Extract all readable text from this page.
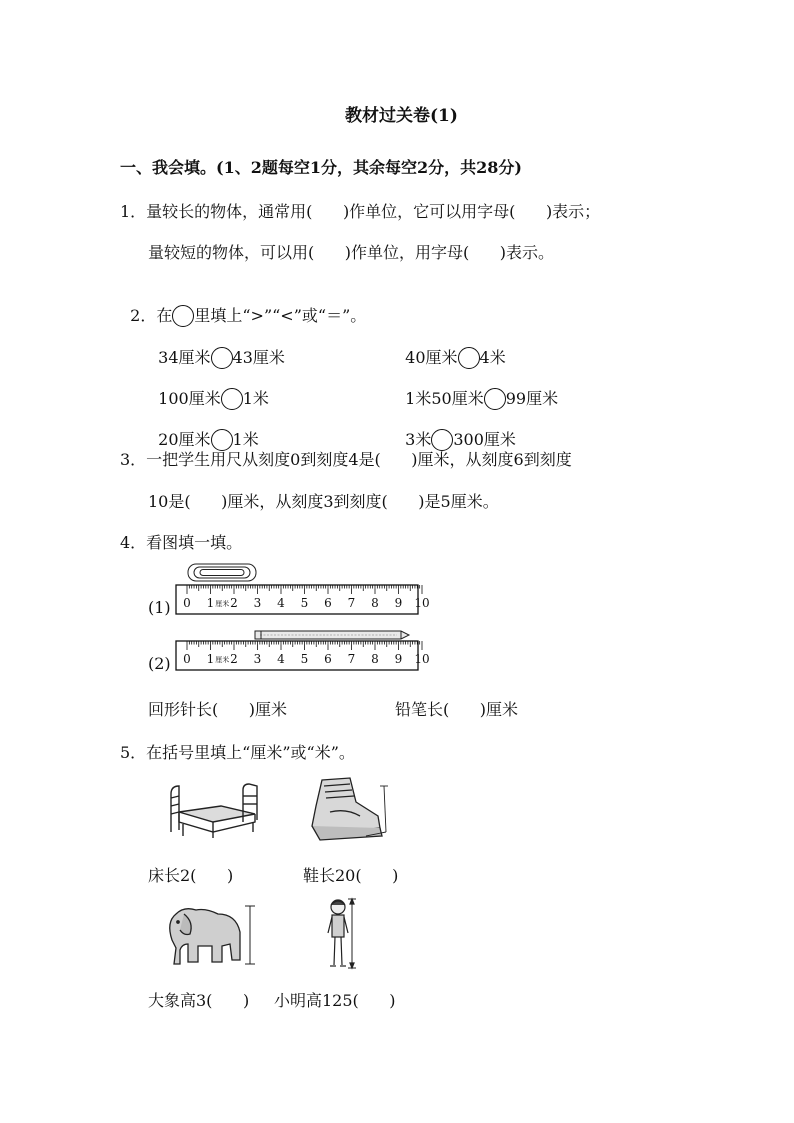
教材过关卷(1)
一、我会填。(1、2题每空1分，其余每空2分，共28分)
1．量较长的物体，通常用(      )作单位，它可以用字母(      )表示；
量较短的物体，可以用(      )作单位，用字母(      )表示。

2．在 里填上“>”“<”或“＝”。

34厘米 43厘米	40厘米 4米

100厘米 1米	1米50厘米 99厘米

20厘米 1米	3米 300厘米

3．一把学生用尺从刻度0到刻度4是(      )厘米，从刻度6到刻度
10是(      )厘米，从刻度3到刻度(      )是5厘米。
4．看图填一填。
(1)
(2)
0 1 2 3 4 5 6 7 8 9 10
厘米
0 1 2 3 4 5 6 7 8 9 10
厘米
回形针长(      )厘米	铅笔长(      )厘米
5．在括号里填上“厘米”或“米”。
床长2(      )	鞋长20(      )
大象高3(      ) 小明高125(      )
